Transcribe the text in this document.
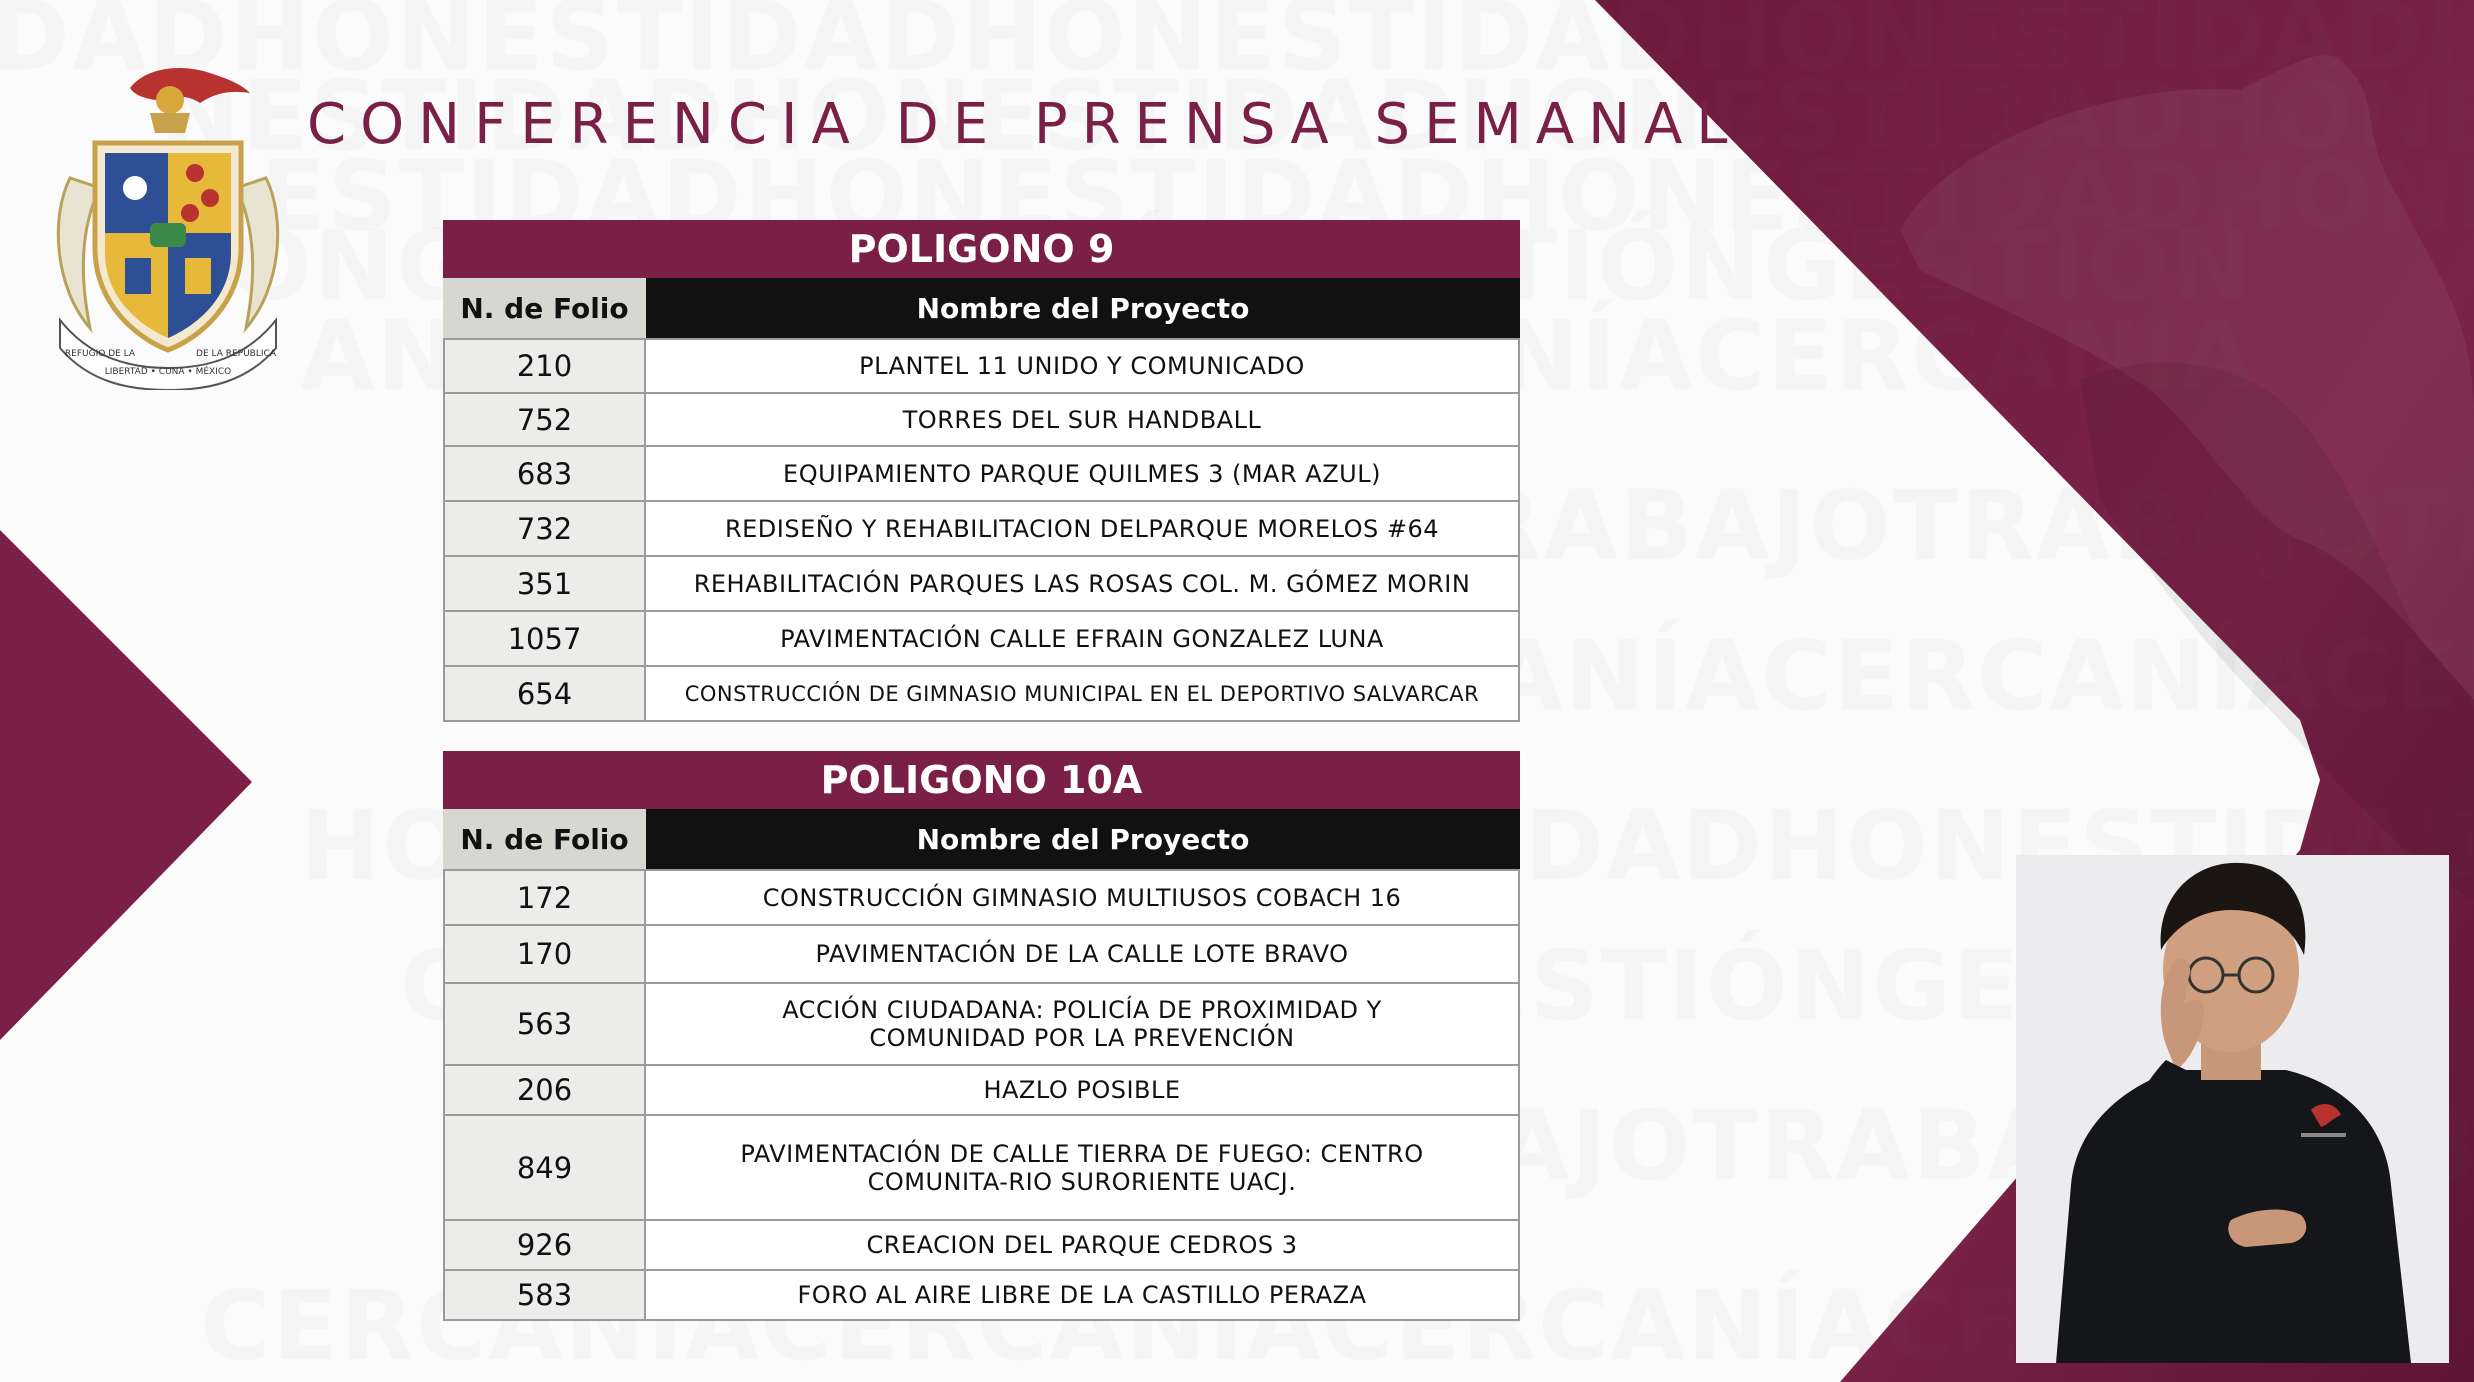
REFUGIO DE LA
LIBERTAD • CUNA • MÉXICO
DE LA REPÚBLICA
CONFERENCIA DE PRENSA SEMANAL
POLIGONO 9
N. de Folio	Nombre del Proyecto
210	PLANTEL 11 UNIDO Y COMUNICADO
752	TORRES DEL SUR HANDBALL
683	EQUIPAMIENTO PARQUE QUILMES 3 (MAR AZUL)
732	REDISEÑO Y REHABILITACION DELPARQUE MORELOS #64
351	REHABILITACIÓN PARQUES LAS ROSAS COL. M. GÓMEZ MORIN
1057	PAVIMENTACIÓN CALLE EFRAIN GONZALEZ LUNA
654	CONSTRUCCIÓN DE GIMNASIO MUNICIPAL EN EL DEPORTIVO SALVARCAR
POLIGONO 10A
N. de Folio	Nombre del Proyecto
172	CONSTRUCCIÓN GIMNASIO MULTIUSOS COBACH 16
170	PAVIMENTACIÓN DE LA CALLE LOTE BRAVO
563	ACCIÓN CIUDADANA: POLICÍA DE PROXIMIDAD Y COMUNIDAD POR LA PREVENCIÓN
206	HAZLO POSIBLE
849	PAVIMENTACIÓN DE CALLE TIERRA DE FUEGO: CENTRO COMUNITA-RIO SURORIENTE UACJ.
926	CREACION DEL PARQUE CEDROS 3
583	FORO AL AIRE LIBRE DE LA CASTILLO PERAZA
